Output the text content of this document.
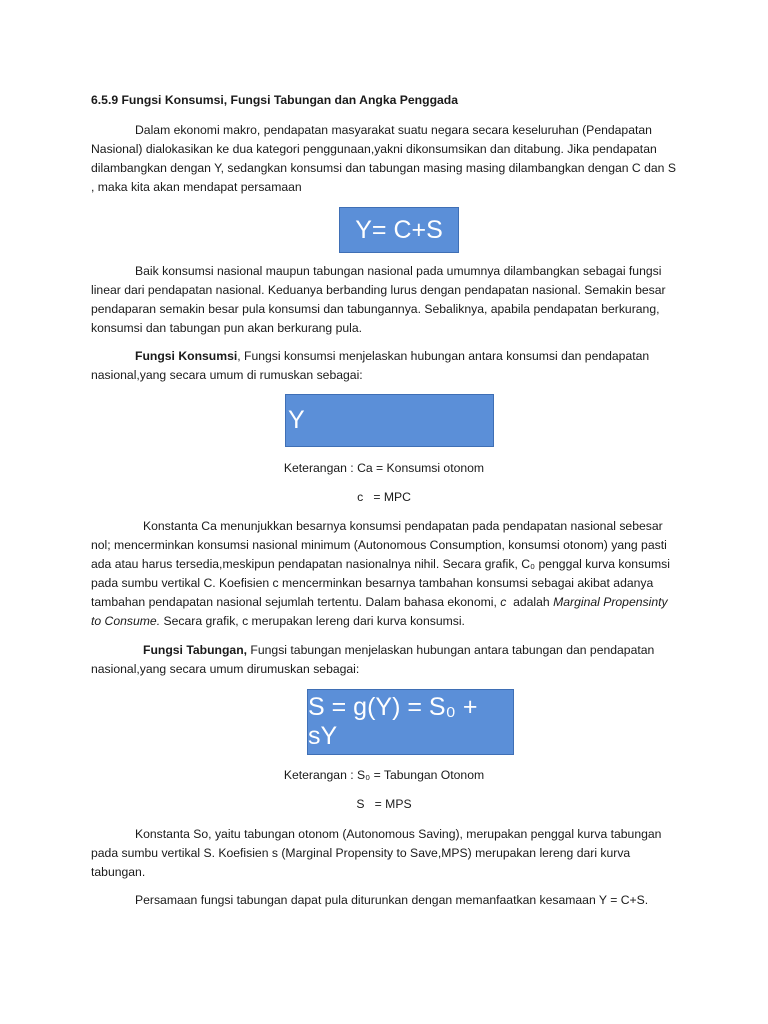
6.5.9 Fungsi Konsumsi, Fungsi Tabungan dan Angka Penggada

Dalam ekonomi makro, pendapatan masyarakat suatu negara secara keseluruhan (Pendapatan Nasional) dialokasikan ke dua kategori penggunaan,yakni dikonsumsikan dan ditabung. Jika pendapatan dilambangkan dengan Y, sedangkan konsumsi dan tabungan masing masing dilambangkan dengan C dan S , maka kita akan mendapat persamaan

Y= C+S

Baik konsumsi nasional maupun tabungan nasional pada umumnya dilambangkan sebagai fungsi linear dari pendapatan nasional. Keduanya berbanding lurus dengan pendapatan nasional. Semakin besar pendaparan semakin besar pula konsumsi dan tabungannya. Sebaliknya, apabila pendapatan berkurang, konsumsi dan tabungan pun akan berkurang pula.

Fungsi Konsumsi, Fungsi konsumsi menjelaskan hubungan antara konsumsi dan pendapatan nasional,yang secara umum di rumuskan sebagai:

Y

Keterangan : Ca = Konsumsi otonom

c   = MPC

Konstanta Ca menunjukkan besarnya konsumsi pendapatan pada pendapatan nasional sebesar nol; mencerminkan konsumsi nasional minimum (Autonomous Consumption, konsumsi otonom) yang pasti ada atau harus tersedia,meskipun pendapatan nasionalnya nihil. Secara grafik, C₀ penggal kurva konsumsi pada sumbu vertikal C. Koefisien c mencerminkan besarnya tambahan konsumsi sebagai akibat adanya tambahan pendapatan nasional sejumlah tertentu. Dalam bahasa ekonomi, c  adalah Marginal Propensinty to Consume. Secara grafik, c merupakan lereng dari kurva konsumsi.

Fungsi Tabungan, Fungsi tabungan menjelaskan hubungan antara tabungan dan pendapatan nasional,yang secara umum dirumuskan sebagai:

S = g(Y) = S₀ + sY

Keterangan : S₀ = Tabungan Otonom

S   = MPS

Konstanta So, yaitu tabungan otonom (Autonomous Saving), merupakan penggal kurva tabungan pada sumbu vertikal S. Koefisien s (Marginal Propensity to Save,MPS) merupakan lereng dari kurva tabungan.

Persamaan fungsi tabungan dapat pula diturunkan dengan memanfaatkan kesamaan Y = C+S.
